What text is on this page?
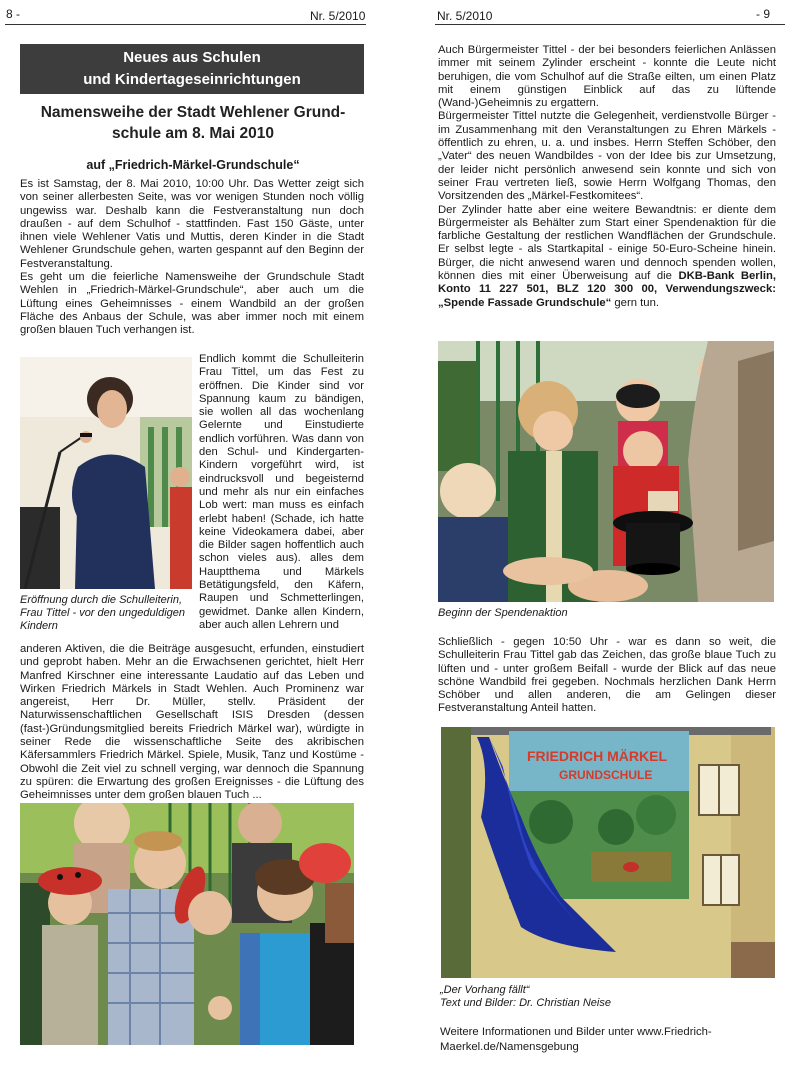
8 -	Nr. 5/2010	Nr. 5/2010	- 9
Neues aus Schulen
und Kindertageseinrichtungen
Namensweihe der Stadt Wehlener Grund-
schule am 8. Mai 2010
auf „Friedrich-Märkel-Grundschule“

Es ist Samstag, der 8. Mai 2010, 10:00 Uhr. Das Wetter zeigt sich von seiner allerbesten Seite, was vor wenigen Stunden noch völlig ungewiss war. Deshalb kann die Festveranstaltung nun doch draußen - auf dem Schulhof - stattfinden. Fast 150 Gäste, unter ihnen viele Wehlener Vatis und Muttis, deren Kinder in die Stadt Wehlener Grundschule gehen, warten gespannt auf den Beginn der Festveranstaltung.

Es geht um die feierliche Namensweihe der Grundschule Stadt Wehlen in „Friedrich-Märkel-Grundschule“, aber auch um die Lüftung eines Geheimnisses - einem Wandbild an der großen Fläche des Anbaus der Schule, was aber immer noch mit einem großen blauen Tuch verhangen ist.

Endlich kommt die Schulleiterin Frau Tittel, um das Fest zu eröffnen. Die Kinder sind vor Spannung kaum zu bändigen, sie wollen all das wochenlang Gelernte und Einstudierte endlich vorführen. Was dann von den Schul- und Kindergarten-Kindern vorgeführt wird, ist eindrucksvoll und begeisternd und mehr als nur ein einfaches Lob wert: man muss es einfach erlebt haben! (Schade, ich hatte keine Videokamera dabei, aber die Bilder sagen hoffentlich auch schon vieles aus). alles dem Hauptthema und Märkels Betätigungsfeld, den Käfern, Raupen und Schmetterlingen, gewidmet. Danke allen Kindern, aber auch allen Lehrern und

Eröffnung durch die Schulleiterin, Frau Tittel - vor den ungeduldigen Kindern

anderen Aktiven, die die Beiträge ausgesucht, erfunden, einstudiert und geprobt haben. Mehr an die Erwachsenen gerichtet, hielt Herr Manfred Kirschner eine interessante Laudatio auf das Leben und Wirken Friedrich Märkels in Stadt Wehlen. Auch Prominenz war angereist, Herr Dr. Müller, stellv. Präsident der Naturwissenschaftlichen Gesellschaft ISIS Dresden (dessen (fast-)Gründungsmitglied bereits Friedrich Märkel war), würdigte in seiner Rede die wissenschaftliche Seite des akribischen Käfersammlers Friedrich Märkel. Spiele, Musik, Tanz und Kostüme - Obwohl die Zeit viel zu schnell verging, war dennoch die Spannung zu spüren: die Erwartung des großen Ereignisses - die Lüftung des Geheimnisses unter dem großen blauen Tuch ...

Auch Bürgermeister Tittel - der bei besonders feierlichen Anlässen immer mit seinem Zylinder erscheint - konnte die Leute nicht beruhigen, die vom Schulhof auf die Straße eilten, um einen Platz mit einem günstigen Einblick auf das zu lüftende (Wand-)Geheimnis zu ergattern.

Bürgermeister Tittel nutzte die Gelegenheit, verdienstvolle Bürger - im Zusammenhang mit den Veranstaltungen zu Ehren Märkels - öffentlich zu ehren, u. a. und insbes. Herrn Steffen Schöber, den „Vater“ des neuen Wandbildes - von der Idee bis zur Umsetzung, der leider nicht persönlich anwesend sein konnte und sich von seiner Frau vertreten ließ, sowie Herrn Wolfgang Thomas, den Vorsitzenden des „Märkel-Festkomitees“.

Der Zylinder hatte aber eine weitere Bewandtnis: er diente dem Bürgermeister als Behälter zum Start einer Spendenaktion für die farbliche Gestaltung der restlichen Wandflächen der Grundschule. Er selbst legte - als Startkapital - einige 50-Euro-Scheine hinein. Bürger, die nicht anwesend waren und dennoch spenden wollen, können dies mit einer Überweisung auf die DKB-Bank Berlin, Konto 11 227 501, BLZ 120 300 00, Verwendungszweck: „Spende Fassade Grundschule“ gern tun.

Beginn der Spendenaktion

Schließlich - gegen 10:50 Uhr - war es dann so weit, die Schulleiterin Frau Tittel gab das Zeichen, das große blaue Tuch zu lüften und - unter großem Beifall - wurde der Blick auf das neue schöne Wandbild frei gegeben. Nochmals herzlichen Dank Herrn Schöber und allen anderen, die am Gelingen dieser Festveranstaltung Anteil hatten.

FRIEDRICH MÄRKEL
GRUNDSCHULE
„Der Vorhang fällt“
Text und Bilder: Dr. Christian Neise
Weitere Informationen und Bilder unter www.Friedrich-Maerkel.de/Namensgebung
